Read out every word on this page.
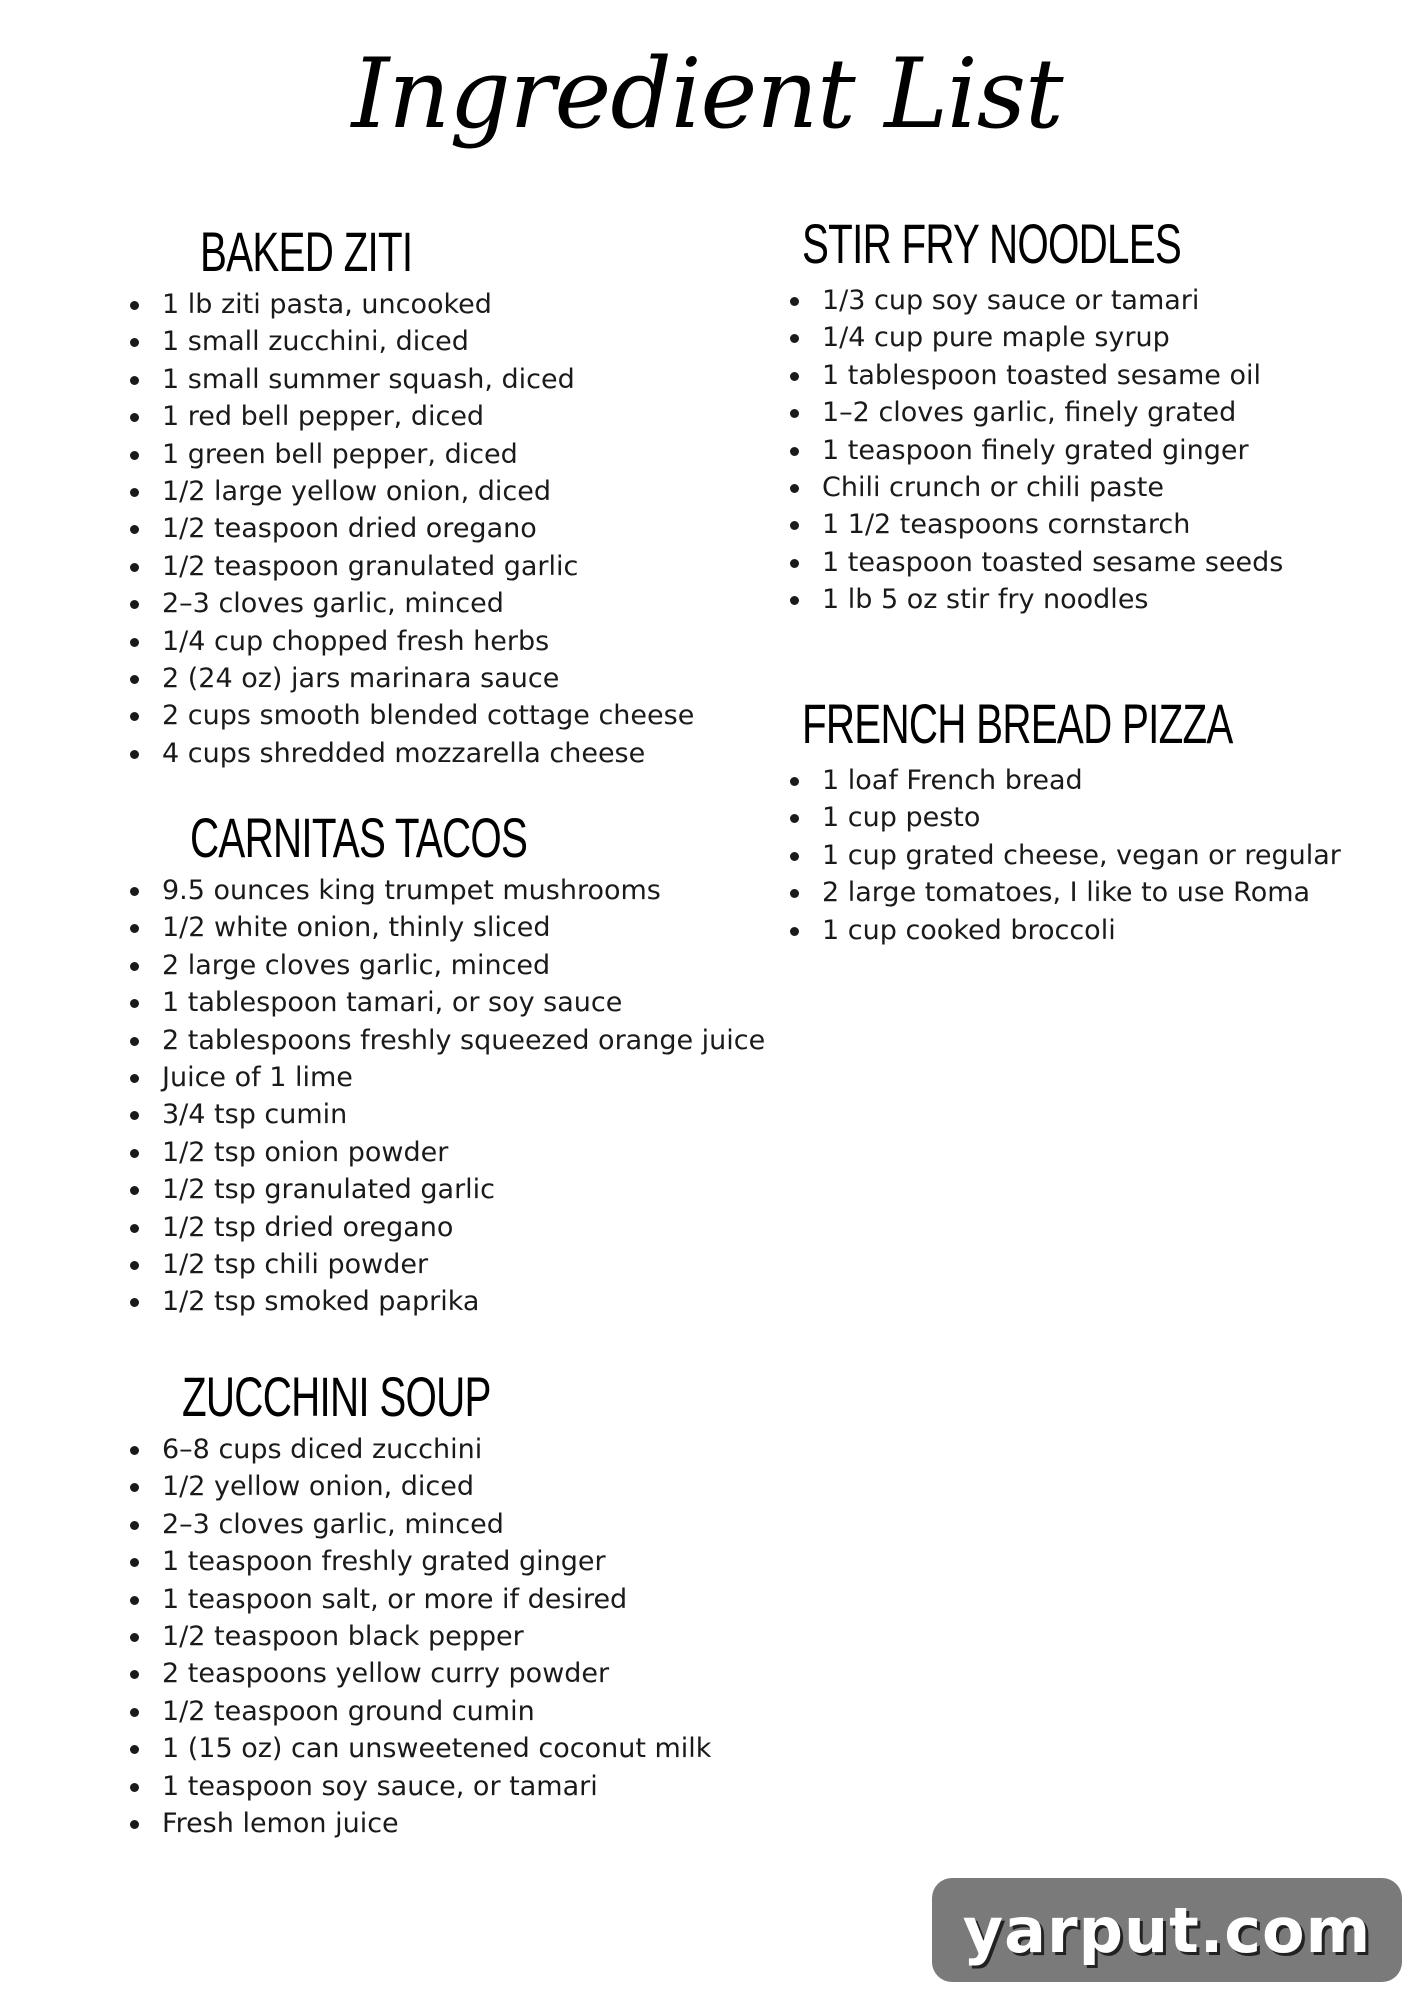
Ingredient List
BAKED ZITI
1 lb ziti pasta, uncooked
1 small zucchini, diced
1 small summer squash, diced
1 red bell pepper, diced
1 green bell pepper, diced
1/2 large yellow onion, diced
1/2 teaspoon dried oregano
1/2 teaspoon granulated garlic
2–3 cloves garlic, minced
1/4 cup chopped fresh herbs
2 (24 oz) jars marinara sauce
2 cups smooth blended cottage cheese
4 cups shredded mozzarella cheese
CARNITAS TACOS
9.5 ounces king trumpet mushrooms
1/2 white onion, thinly sliced
2 large cloves garlic, minced
1 tablespoon tamari, or soy sauce
2 tablespoons freshly squeezed orange juice
Juice of 1 lime
3/4 tsp cumin
1/2 tsp onion powder
1/2 tsp granulated garlic
1/2 tsp dried oregano
1/2 tsp chili powder
1/2 tsp smoked paprika
ZUCCHINI SOUP
6–8 cups diced zucchini
1/2 yellow onion, diced
2–3 cloves garlic, minced
1 teaspoon freshly grated ginger
1 teaspoon salt, or more if desired
1/2 teaspoon black pepper
2 teaspoons yellow curry powder
1/2 teaspoon ground cumin
1 (15 oz) can unsweetened coconut milk
1 teaspoon soy sauce, or tamari
Fresh lemon juice
STIR FRY NOODLES
1/3 cup soy sauce or tamari
1/4 cup pure maple syrup
1 tablespoon toasted sesame oil
1–2 cloves garlic, finely grated
1 teaspoon finely grated ginger
Chili crunch or chili paste
1 1/2 teaspoons cornstarch
1 teaspoon toasted sesame seeds
1 lb 5 oz stir fry noodles
FRENCH BREAD PIZZA
1 loaf French bread
1 cup pesto
1 cup grated cheese, vegan or regular
2 large tomatoes, I like to use Roma
1 cup cooked broccoli
yarput.com
